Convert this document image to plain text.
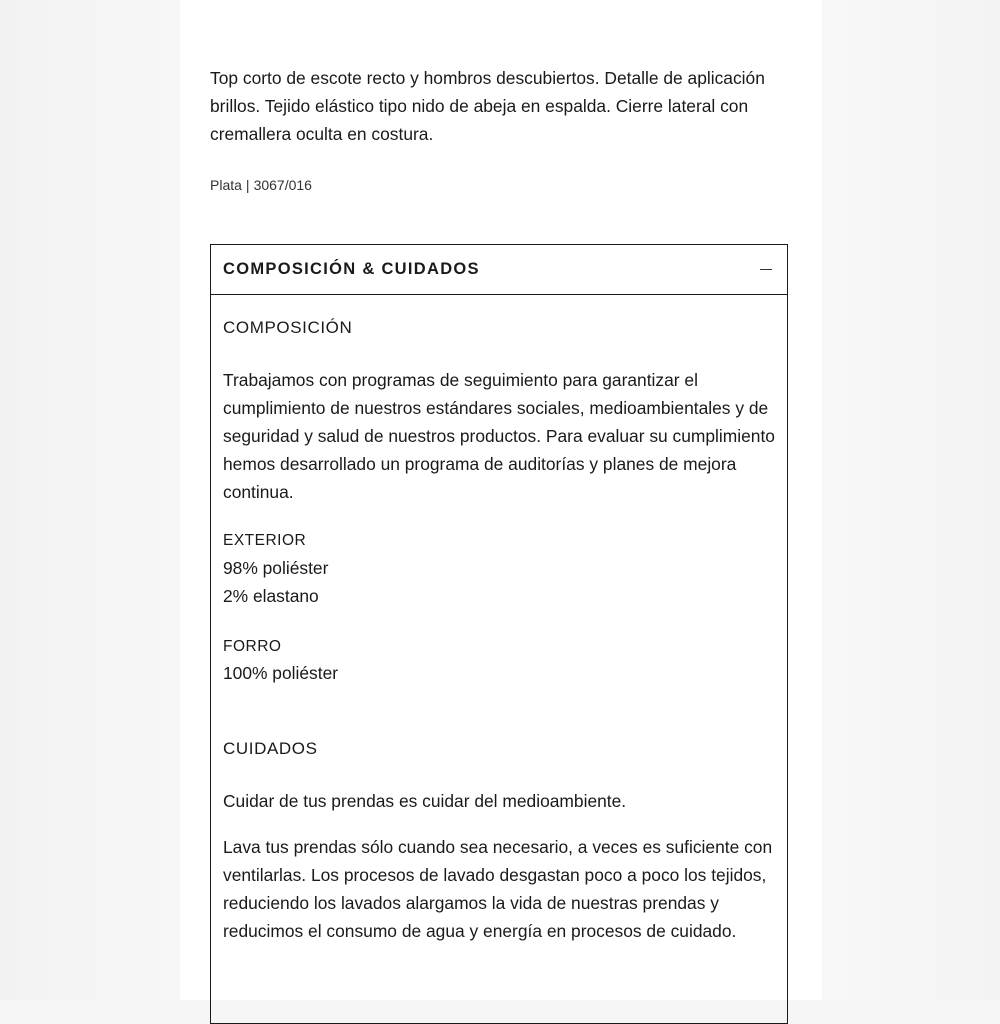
Top corto de escote recto y hombros descubiertos. Detalle de aplicación brillos. Tejido elástico tipo nido de abeja en espalda. Cierre lateral con cremallera oculta en costura.

Plata | 3067/016

COMPOSICIÓN & CUIDADOS
COMPOSICIÓN

Trabajamos con programas de seguimiento para garantizar el cumplimiento de nuestros estándares sociales, medioambientales y de seguridad y salud de nuestros productos. Para evaluar su cumplimiento hemos desarrollado un programa de auditorías y planes de mejora continua.

EXTERIOR
98% poliéster
2% elastano
FORRO
100% poliéster
CUIDADOS

Cuidar de tus prendas es cuidar del medioambiente.

Lava tus prendas sólo cuando sea necesario, a veces es suficiente con ventilarlas. Los procesos de lavado desgastan poco a poco los tejidos, reduciendo los lavados alargamos la vida de nuestras prendas y reducimos el consumo de agua y energía en procesos de cuidado.
